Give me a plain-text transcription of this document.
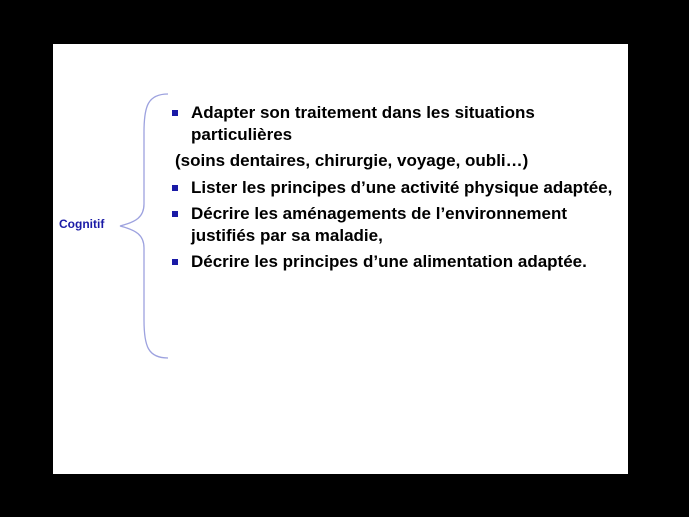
Cognitif
Adapter son traitement dans les situations particulières
(soins dentaires, chirurgie, voyage, oubli…)
Lister les principes d’une activité physique adaptée,
Décrire les aménagements de l’environnement justifiés par sa maladie,
Décrire les principes d’une alimentation adaptée.
